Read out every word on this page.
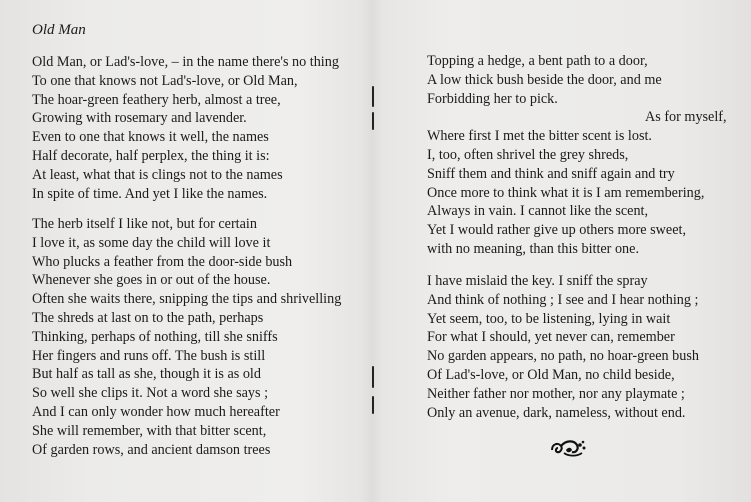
Old Man
Old Man, or Lad's-love, – in the name there's no thing
To one that knows not Lad's-love, or Old Man,
The hoar-green feathery herb, almost a tree,
Growing with rosemary and lavender.
Even to one that knows it well, the names
Half decorate, half perplex, the thing it is:
At least, what that is clings not to the names
In spite of time. And yet I like the names.
The herb itself I like not, but for certain
I love it, as some day the child will love it
Who plucks a feather from the door-side bush
Whenever she goes in or out of the house.
Often she waits there, snipping the tips and shrivelling
The shreds at last on to the path, perhaps
Thinking, perhaps of nothing, till she sniffs
Her fingers and runs off. The bush is still
But half as tall as she, though it is as old
So well she clips it. Not a word she says ;
And I can only wonder how much hereafter
She will remember, with that bitter scent,
Of garden rows, and ancient damson trees
Topping a hedge, a bent path to a door,
A low thick bush beside the door, and me
Forbidding her to pick.
As for myself,
Where first I met the bitter scent is lost.
I, too, often shrivel the grey shreds,
Sniff them and think and sniff again and try
Once more to think what it is I am remembering,
Always in vain. I cannot like the scent,
Yet I would rather give up others more sweet,
with no meaning, than this bitter one.
I have mislaid the key. I sniff the spray
And think of nothing ; I see and I hear nothing ;
Yet seem, too, to be listening, lying in wait
For what I should, yet never can, remember
No garden appears, no path, no hoar-green bush
Of Lad's-love, or Old Man, no child beside,
Neither father nor mother, nor any playmate ;
Only an avenue, dark, nameless, without end.
